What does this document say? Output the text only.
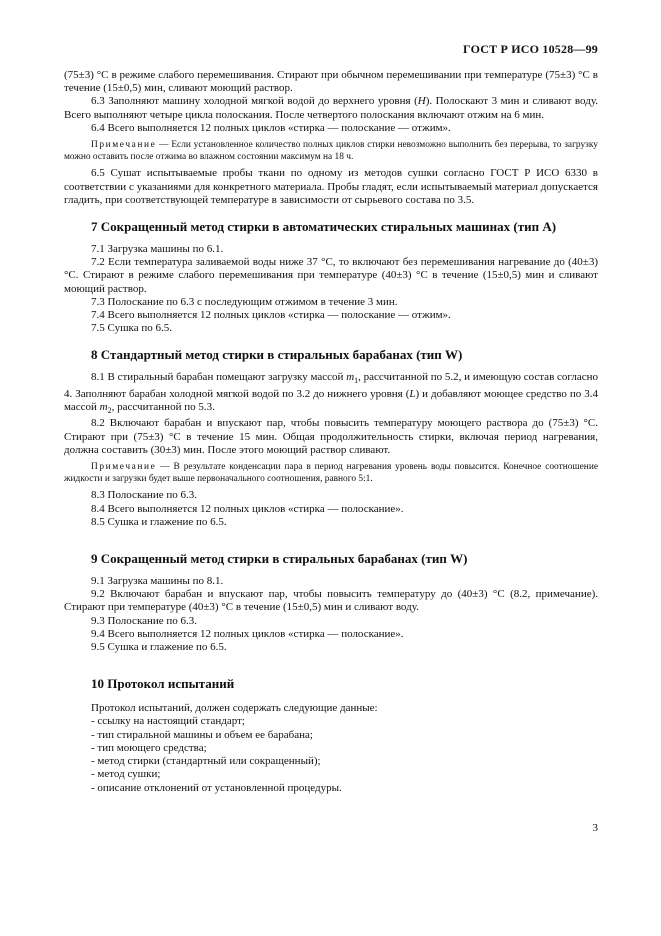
ГОСТ Р ИСО 10528—99

(75±3) °С в режиме слабого перемешивания. Стирают при обычном перемешивании при температуре (75±3) °С в течение (15±0,5) мин, сливают моющий раствор.

6.3 Заполняют машину холодной мягкой водой до верхнего уровня (H). Полоскают 3 мин и сливают воду. Всего выполняют четыре цикла полоскания. После четвертого полоскания включают отжим на 6 мин.

6.4 Всего выполняется 12 полных циклов «стирка — полоскание — отжим».

Примечание — Если установленное количество полных циклов стирки невозможно выполнить без перерыва, то загрузку можно оставить после отжима во влажном состоянии максимум на 18 ч.

6.5 Сушат испытываемые пробы ткани по одному из методов сушки согласно ГОСТ Р ИСО 6330 в соответствии с указаниями для конкретного материала. Пробы гладят, если испытываемый материал допускается гладить, при соответствующей температуре в зависимости от сырьевого состава по 3.5.

7 Сокращенный метод стирки в автоматических стиральных машинах (тип А)

7.1 Загрузка машины по 6.1.

7.2 Если температура заливаемой воды ниже 37 °С, то включают без перемешивания нагревание до (40±3) °С. Стирают в режиме слабого перемешивания при температуре (40±3) °С в течение (15±0,5) мин и сливают моющий раствор.

7.3 Полоскание по 6.3 с последующим отжимом в течение 3 мин.

7.4 Всего выполняется 12 полных циклов «стирка — полоскание — отжим».

7.5 Сушка по 6.5.

8 Стандартный метод стирки в стиральных барабанах (тип W)

8.1 В стиральный барабан помещают загрузку массой $m_1$, рассчитанной по 5.2, и имеющую состав согласно 4. Заполняют барабан холодной мягкой водой по 3.2 до нижнего уровня (L) и добавляют моющее средство по 3.4 массой $m_2$, рассчитанной по 5.3.

8.2 Включают барабан и впускают пар, чтобы повысить температуру моющего раствора до (75±3) °С. Стирают при (75±3) °С в течение 15 мин. Общая продолжительность стирки, включая период нагревания, должна составить (30±3) мин. После этого моющий раствор сливают.

Примечание — В результате конденсации пара в период нагревания уровень воды повысится. Конечное соотношение жидкости и загрузки будет выше первоначального соотношения, равного 5:1.

8.3 Полоскание по 6.3.

8.4 Всего выполняется 12 полных циклов «стирка — полоскание».

8.5 Сушка и глажение по 6.5.

9 Сокращенный метод стирки в стиральных барабанах (тип W)

9.1 Загрузка машины по 8.1.

9.2 Включают барабан и впускают пар, чтобы повысить температуру до (40±3) °С (8.2, примечание). Стирают при температуре (40±3) °С в течение (15±0,5) мин и сливают воду.

9.3 Полоскание по 6.3.

9.4 Всего выполняется 12 полных циклов «стирка — полоскание».

9.5 Сушка и глажение по 6.5.

10 Протокол испытаний

Протокол испытаний, должен содержать следующие данные:

- ссылку на настоящий стандарт;
- тип стиральной машины и объем ее барабана;
- тип моющего средства;
- метод стирки (стандартный или сокращенный);
- метод сушки;
- описание отклонений от установленной процедуры.
3
